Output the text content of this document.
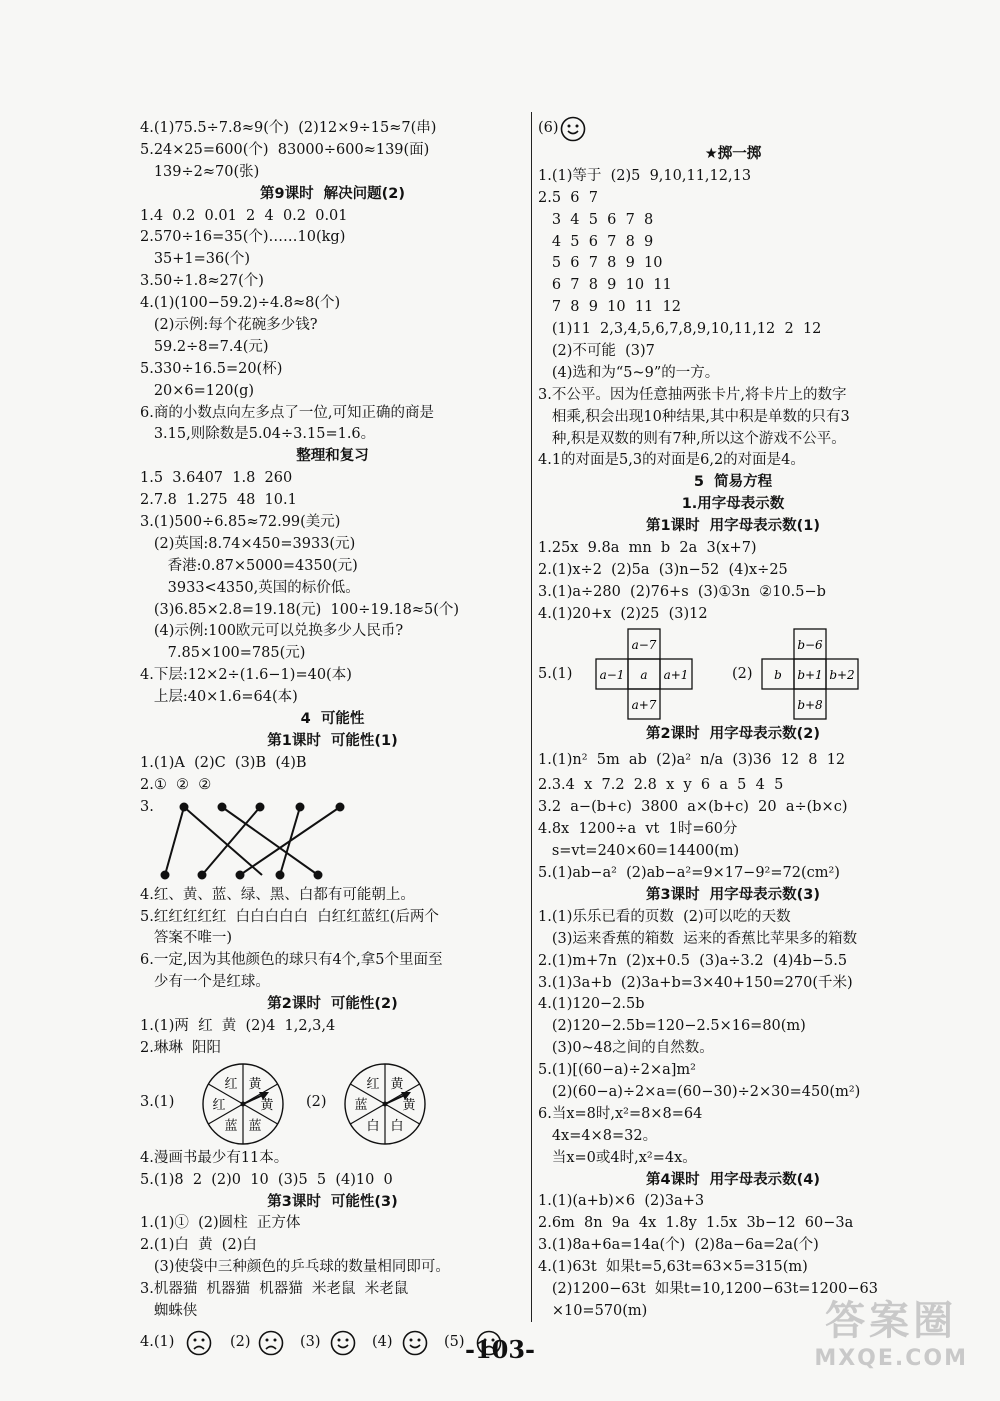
4.(1)75.5÷7.8≈9(个)  (2)12×9÷15≈7(串)
5.24×25=600(个)  83000÷600≈139(面)
139÷2≈70(张)
第9课时  解决问题(2)
1.4  0.2  0.01  2  4  0.2  0.01
2.570÷16=35(个)……10(kg)
35+1=36(个)
3.50÷1.8≈27(个)
4.(1)(100−59.2)÷4.8≈8(个)
(2)示例:每个花碗多少钱?
59.2÷8=7.4(元)
5.330÷16.5=20(杯)
20×6=120(g)
6.商的小数点向左多点了一位,可知正确的商是
3.15,则除数是5.04÷3.15=1.6。
整理和复习
1.5  3.6407  1.8  260
2.7.8  1.275  48  10.1
3.(1)500÷6.85≈72.99(美元)
(2)英国:8.74×450=3933(元)
香港:0.87×5000=4350(元)
3933<4350,英国的标价低。
(3)6.85×2.8=19.18(元)  100÷19.18≈5(个)
(4)示例:100欧元可以兑换多少人民币?
7.85×100=785(元)
4.下层:12×2÷(1.6−1)=40(本)
上层:40×1.6=64(本)
4  可能性
第1课时  可能性(1)
1.(1)A  (2)C  (3)B  (4)B
2.①  ②  ②
3.
4.红、黄、蓝、绿、黑、白都有可能朝上。
5.红红红红红  白白白白白  白红红蓝红(后两个
答案不唯一)
6.一定,因为其他颜色的球只有4个,拿5个里面至
少有一个是红球。
第2课时  可能性(2)
1.(1)两  红  黄  (2)4  1,2,3,4
2.琳琳  阳阳
3.(1)
黄
黄
蓝
蓝
红
红
(2)
黄
黄
白
白
蓝
红
4.漫画书最少有11本。
5.(1)8  2  (2)0  10  (3)5  5  (4)10  0
第3课时  可能性(3)
1.(1)①  (2)圆柱  正方体
2.(1)白  黄  (2)白
(3)使袋中三种颜色的乒乓球的数量相同即可。
3.机器猫  机器猫  机器猫  米老鼠  米老鼠
蜘蛛侠
4.(1)	(2)	(3)	(4)	(5)
(6)
★掷一掷
1.(1)等于  (2)5  9,10,11,12,13
2.5  6  7
3  4  5  6  7  8
4  5  6  7  8  9
5  6  7  8  9  10
6  7  8  9  10  11
7  8  9  10  11  12
(1)11  2,3,4,5,6,7,8,9,10,11,12  2  12
(2)不可能  (3)7
(4)选和为“5~9”的一方。
3.不公平。因为任意抽两张卡片,将卡片上的数字
相乘,积会出现10种结果,其中积是单数的只有3
种,积是双数的则有7种,所以这个游戏不公平。
4.1的对面是5,3的对面是6,2的对面是4。
5  简易方程
1.用字母表示数
第1课时  用字母表示数(1)
1.25x  9.8a  mn  b  2a  3(x+7)
2.(1)x÷2  (2)5a  (3)n−52  (4)x÷25
3.(1)a÷280  (2)76+s  (3)①3n  ②10.5−b
4.(1)20+x  (2)25  (3)12
5.(1)
a−7
a−1 a a+1
a+7
(2)
b−6
b b+1 b+2
b+8
第2课时  用字母表示数(2)
1.(1)n²  5m  ab  (2)a²  n/a  (3)36  12  8  12
2.3.4  x  7.2  2.8  x  y  6  a  5  4  5
3.2  a−(b+c)  3800  a×(b+c)  20  a÷(b×c)
4.8x  1200÷a  vt  1时=60分
s=vt=240×60=14400(m)
5.(1)ab−a²  (2)ab−a²=9×17−9²=72(cm²)
第3课时  用字母表示数(3)
1.(1)乐乐已看的页数  (2)可以吃的天数
(3)运来香蕉的箱数  运来的香蕉比苹果多的箱数
2.(1)m+7n  (2)x+0.5  (3)a÷3.2  (4)4b−5.5
3.(1)3a+b  (2)3a+b=3×40+150=270(千米)
4.(1)120−2.5b
(2)120−2.5b=120−2.5×16=80(m)
(3)0~48之间的自然数。
5.(1)[(60−a)÷2×a]m²
(2)(60−a)÷2×a=(60−30)÷2×30=450(m²)
6.当x=8时,x²=8×8=64
4x=4×8=32。
当x=0或4时,x²=4x。
第4课时  用字母表示数(4)
1.(1)(a+b)×6  (2)3a+3
2.6m  8n  9a  4x  1.8y  1.5x  3b−12  60−3a
3.(1)8a+6a=14a(个)  (2)8a−6a=2a(个)
4.(1)63t  如果t=5,63t=63×5=315(m)
(2)1200−63t  如果t=10,1200−63t=1200−63
×10=570(m)
-103-
答案圈
MXQE.COM
